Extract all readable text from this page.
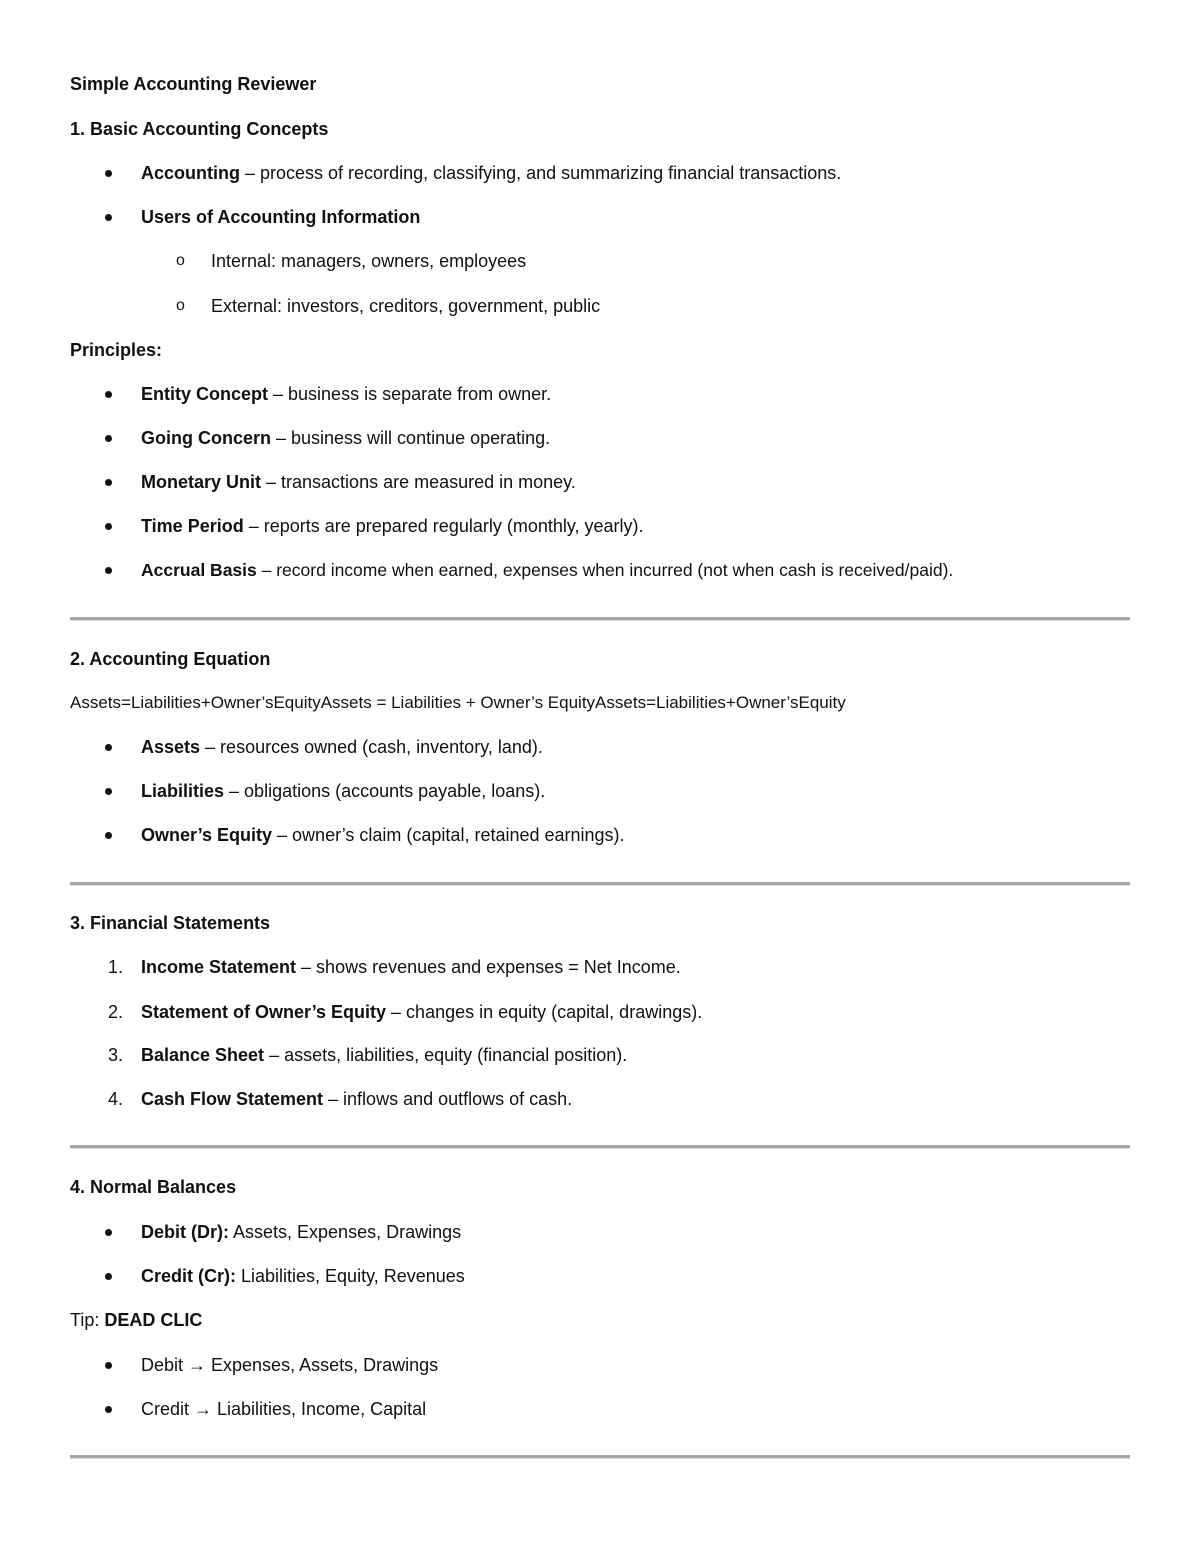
Simple Accounting Reviewer
1. Basic Accounting Concepts
Accounting – process of recording, classifying, and summarizing financial transactions.
Users of Accounting Information
o Internal: managers, owners, employees
o External: investors, creditors, government, public
Principles:
Entity Concept – business is separate from owner.
Going Concern – business will continue operating.
Monetary Unit – transactions are measured in money.
Time Period – reports are prepared regularly (monthly, yearly).
Accrual Basis – record income when earned, expenses when incurred (not when cash is received/paid).
2. Accounting Equation
Assets=Liabilities+Owner’sEquityAssets = Liabilities + Owner’s EquityAssets=Liabilities+Owner’sEquity
Assets – resources owned (cash, inventory, land).
Liabilities – obligations (accounts payable, loans).
Owner’s Equity – owner’s claim (capital, retained earnings).
3. Financial Statements
1. Income Statement – shows revenues and expenses = Net Income.
2. Statement of Owner’s Equity – changes in equity (capital, drawings).
3. Balance Sheet – assets, liabilities, equity (financial position).
4. Cash Flow Statement – inflows and outflows of cash.
4. Normal Balances
Debit (Dr): Assets, Expenses, Drawings
Credit (Cr): Liabilities, Equity, Revenues
Tip: DEAD CLIC
Debit → Expenses, Assets, Drawings
Credit → Liabilities, Income, Capital
